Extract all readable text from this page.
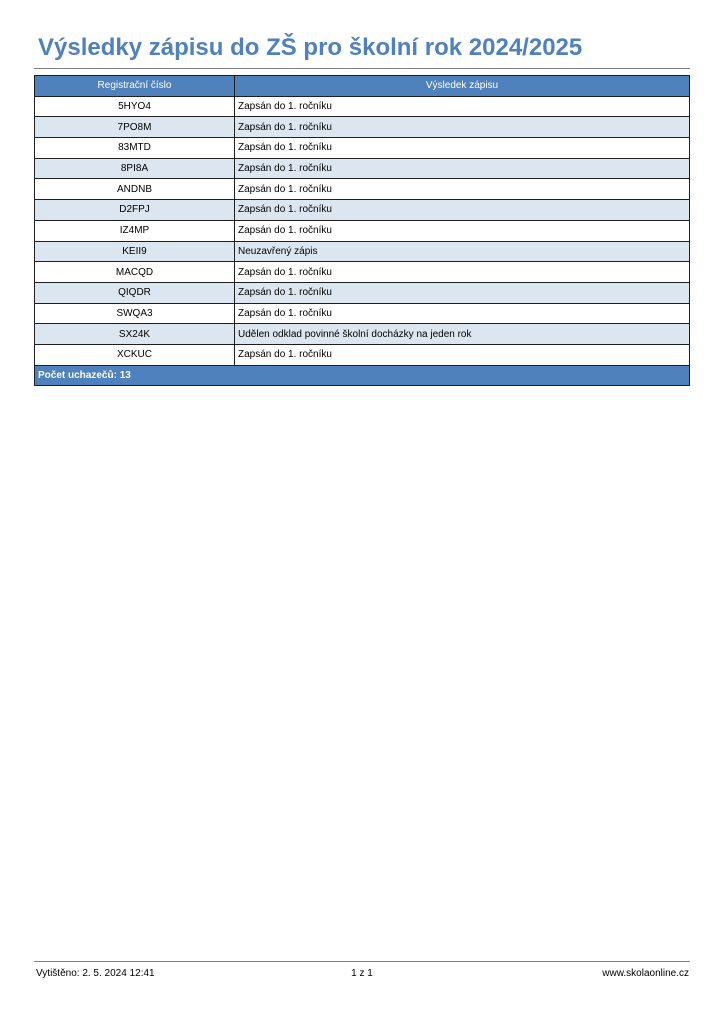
Výsledky zápisu do ZŠ pro školní rok 2024/2025
Registrační číslo	Výsledek zápisu
5HYO4	Zapsán do 1. ročníku
7PO8M	Zapsán do 1. ročníku
83MTD	Zapsán do 1. ročníku
8PI8A	Zapsán do 1. ročníku
ANDNB	Zapsán do 1. ročníku
D2FPJ	Zapsán do 1. ročníku
IZ4MP	Zapsán do 1. ročníku
KEII9	Neuzavřený zápis
MACQD	Zapsán do 1. ročníku
QIQDR	Zapsán do 1. ročníku
SWQA3	Zapsán do 1. ročníku
SX24K	Udělen odklad povinné školní docházky na jeden rok
XCKUC	Zapsán do 1. ročníku
Počet uchazečů: 13	
Vytištěno: 2. 5. 2024 12:41	1 z 1	www.skolaonline.cz
